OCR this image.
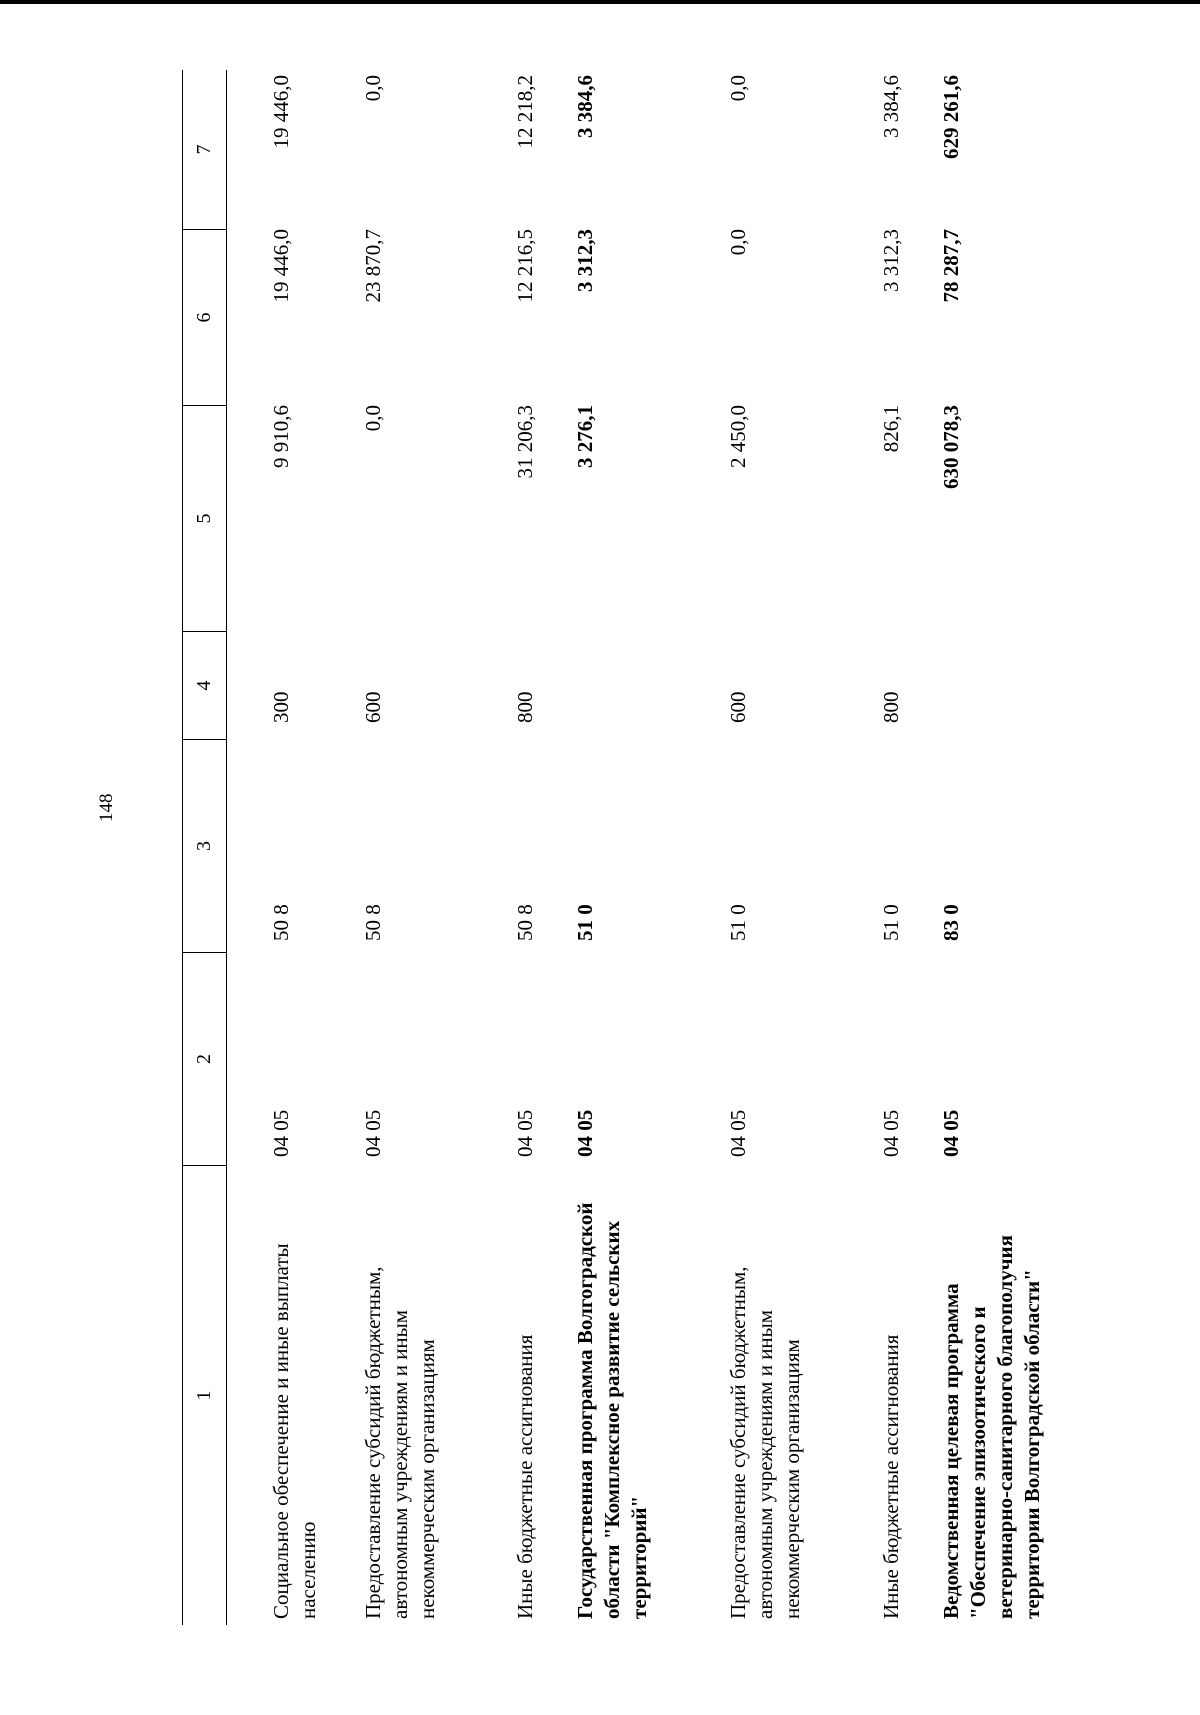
148
1
2
3
4
5
6
7
Социальное обеспечение и иные выплаты населению
04 05
50 8
300
9 910,6
19 446,0
19 446,0
Предоставление субсидий бюджетным, автономным учреждениям и иным некоммерческим организациям
04 05
50 8
600
0,0
23 870,7
0,0
Иные бюджетные ассигнования
04 05
50 8
800
31 206,3
12 216,5
12 218,2
Государственная программа Волгоградской области "Комплексное развитие сельских территорий"
04 05
51 0
3 276,1
3 312,3
3 384,6
Предоставление субсидий бюджетным, автономным учреждениям и иным некоммерческим организациям
04 05
51 0
600
2 450,0
0,0
0,0
Иные бюджетные ассигнования
04 05
51 0
800
826,1
3 312,3
3 384,6
Ведомственная целевая программа "Обеспечение эпизоотического и ветеринарно-санитарного благополучия территории Волгоградской области"
04 05
83 0
630 078,3
78 287,7
629 261,6
